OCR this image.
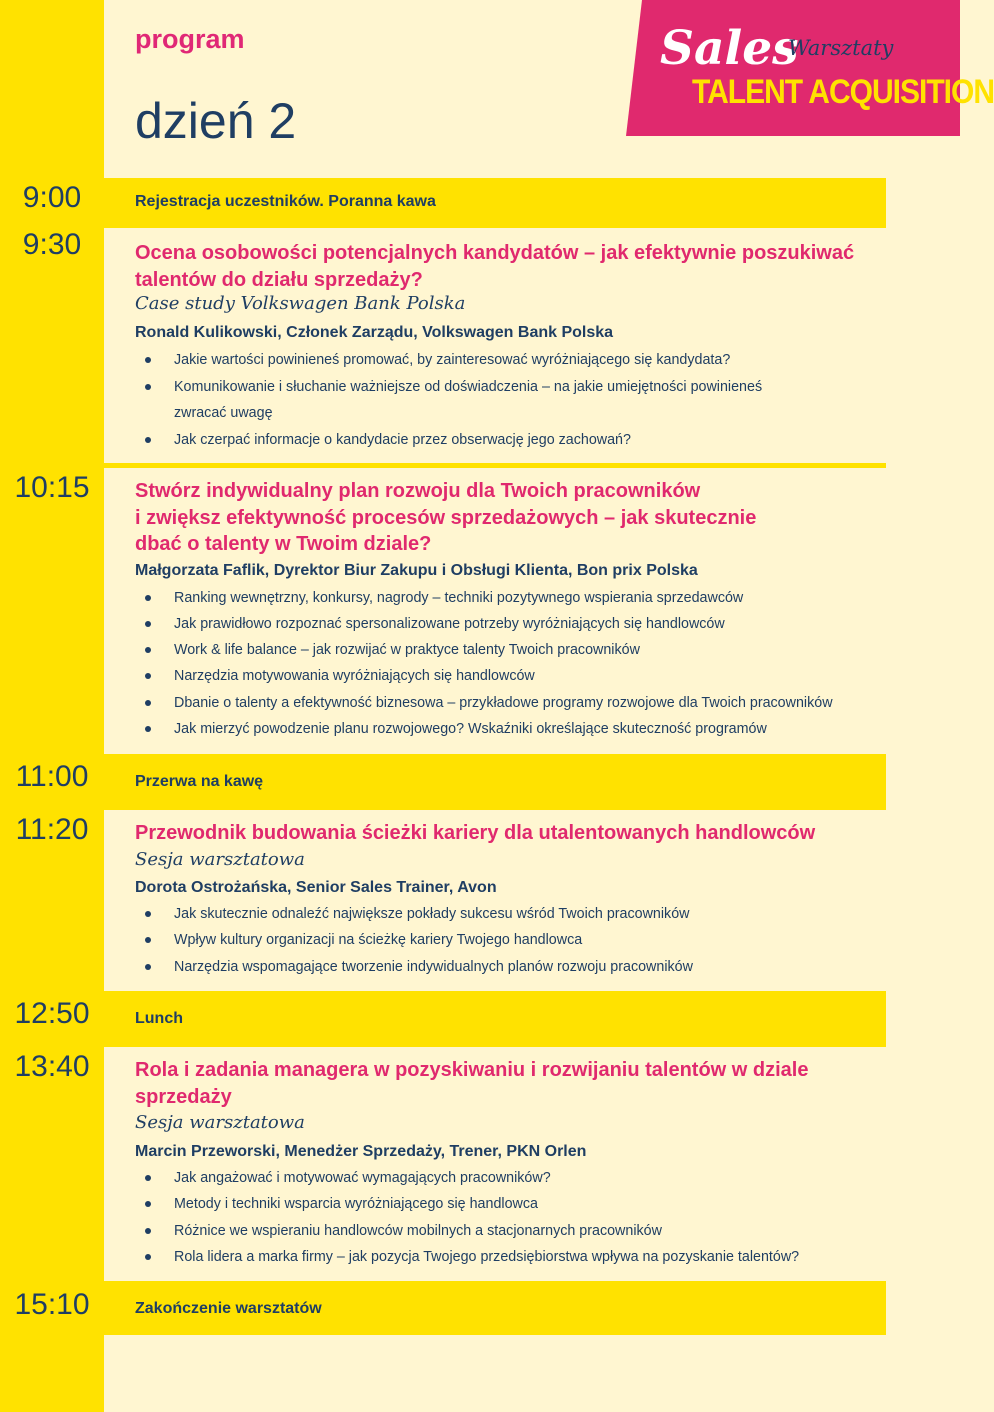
program
dzień 2
Sales
Warsztaty
TALENT ACQUISITION
9:00	Rejestracja uczestników. Poranna kawa
9:30	Ocena osobowości potencjalnych kandydatów – jak efektywnie poszukiwać
talentów do działu sprzedaży?
Case study Volkswagen Bank Polska
Ronald Kulikowski, Członek Zarządu, Volkswagen Bank Polska
Jakie wartości powinieneś promować, by zainteresować wyróżniającego się kandydata?
Komunikowanie i słuchanie ważniejsze od doświadczenia – na jakie umiejętności powinieneś
zwracać uwagę
Jak czerpać informacje o kandydacie przez obserwację jego zachowań?
10:15	Stwórz indywidualny plan rozwoju dla Twoich pracowników
i zwiększ efektywność procesów sprzedażowych – jak skutecznie
dbać o talenty w Twoim dziale?
Małgorzata Faflik, Dyrektor Biur Zakupu i Obsługi Klienta, Bon prix Polska
Ranking wewnętrzny, konkursy, nagrody – techniki pozytywnego wspierania sprzedawców
Jak prawidłowo rozpoznać spersonalizowane potrzeby wyróżniających się handlowców
Work & life balance – jak rozwijać w praktyce talenty Twoich pracowników
Narzędzia motywowania wyróżniających się handlowców
Dbanie o talenty a efektywność biznesowa – przykładowe programy rozwojowe dla Twoich pracowników
Jak mierzyć powodzenie planu rozwojowego? Wskaźniki określające skuteczność programów
11:00	Przerwa na kawę
11:20	Przewodnik budowania ścieżki kariery dla utalentowanych handlowców
Sesja warsztatowa
Dorota Ostrożańska, Senior Sales Trainer, Avon
Jak skutecznie odnaleźć największe pokłady sukcesu wśród Twoich pracowników
Wpływ kultury organizacji na ścieżkę kariery Twojego handlowca
Narzędzia wspomagające tworzenie indywidualnych planów rozwoju pracowników
12:50	Lunch
13:40	Rola i zadania managera w pozyskiwaniu i rozwijaniu talentów w dziale
sprzedaży
Sesja warsztatowa
Marcin Przeworski, Menedżer Sprzedaży, Trener, PKN Orlen
Jak angażować i motywować wymagających pracowników?
Metody i techniki wsparcia wyróżniającego się handlowca
Różnice we wspieraniu handlowców mobilnych a stacjonarnych pracowników
Rola lidera a marka firmy – jak pozycja Twojego przedsiębiorstwa wpływa na pozyskanie talentów?
15:10	Zakończenie warsztatów
